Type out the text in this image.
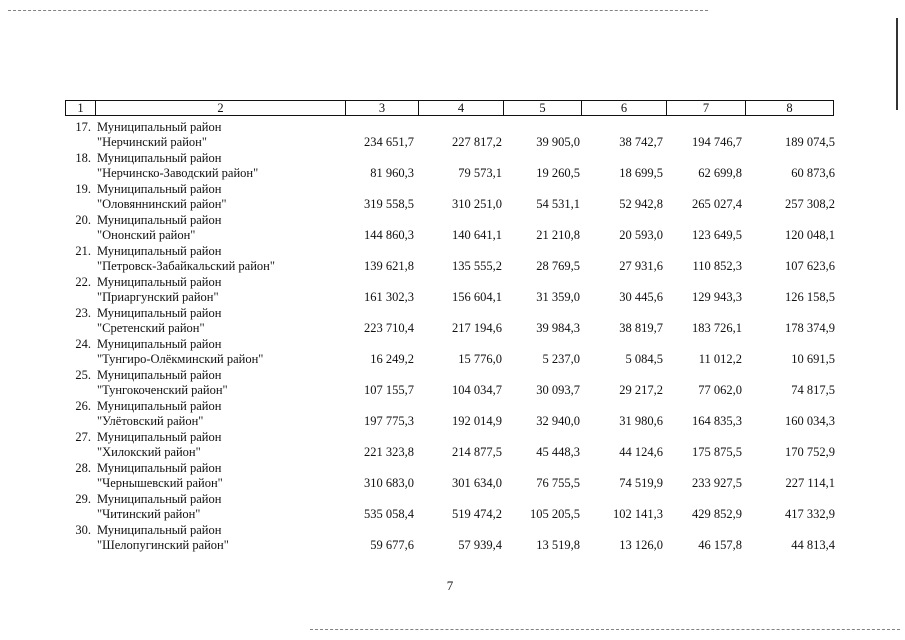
1	2	3	4	5	6	7	8
17. Муниципальный район
"Нерчинский район"	234 651,7	227 817,2	39 905,0	38 742,7	194 746,7	189 074,5
18. Муниципальный район
"Нерчинско-Заводский район"	81 960,3	79 573,1	19 260,5	18 699,5	62 699,8	60 873,6
19. Муниципальный район
"Оловяннинский район"	319 558,5	310 251,0	54 531,1	52 942,8	265 027,4	257 308,2
20. Муниципальный район
"Ононский район"	144 860,3	140 641,1	21 210,8	20 593,0	123 649,5	120 048,1
21. Муниципальный район
"Петровск-Забайкальский район"	139 621,8	135 555,2	28 769,5	27 931,6	110 852,3	107 623,6
22. Муниципальный район
"Приаргунский район"	161 302,3	156 604,1	31 359,0	30 445,6	129 943,3	126 158,5
23. Муниципальный район
"Сретенский район"	223 710,4	217 194,6	39 984,3	38 819,7	183 726,1	178 374,9
24. Муниципальный район
"Тунгиро-Олёкминский район"	16 249,2	15 776,0	5 237,0	5 084,5	11 012,2	10 691,5
25. Муниципальный район
"Тунгокоченский район"	107 155,7	104 034,7	30 093,7	29 217,2	77 062,0	74 817,5
26. Муниципальный район
"Улётовский район"	197 775,3	192 014,9	32 940,0	31 980,6	164 835,3	160 034,3
27. Муниципальный район
"Хилокский район"	221 323,8	214 877,5	45 448,3	44 124,6	175 875,5	170 752,9
28. Муниципальный район
"Чернышевский район"	310 683,0	301 634,0	76 755,5	74 519,9	233 927,5	227 114,1
29. Муниципальный район
"Читинский район"	535 058,4	519 474,2	105 205,5	102 141,3	429 852,9	417 332,9
30. Муниципальный район
"Шелопугинский район"	59 677,6	57 939,4	13 519,8	13 126,0	46 157,8	44 813,4
7
